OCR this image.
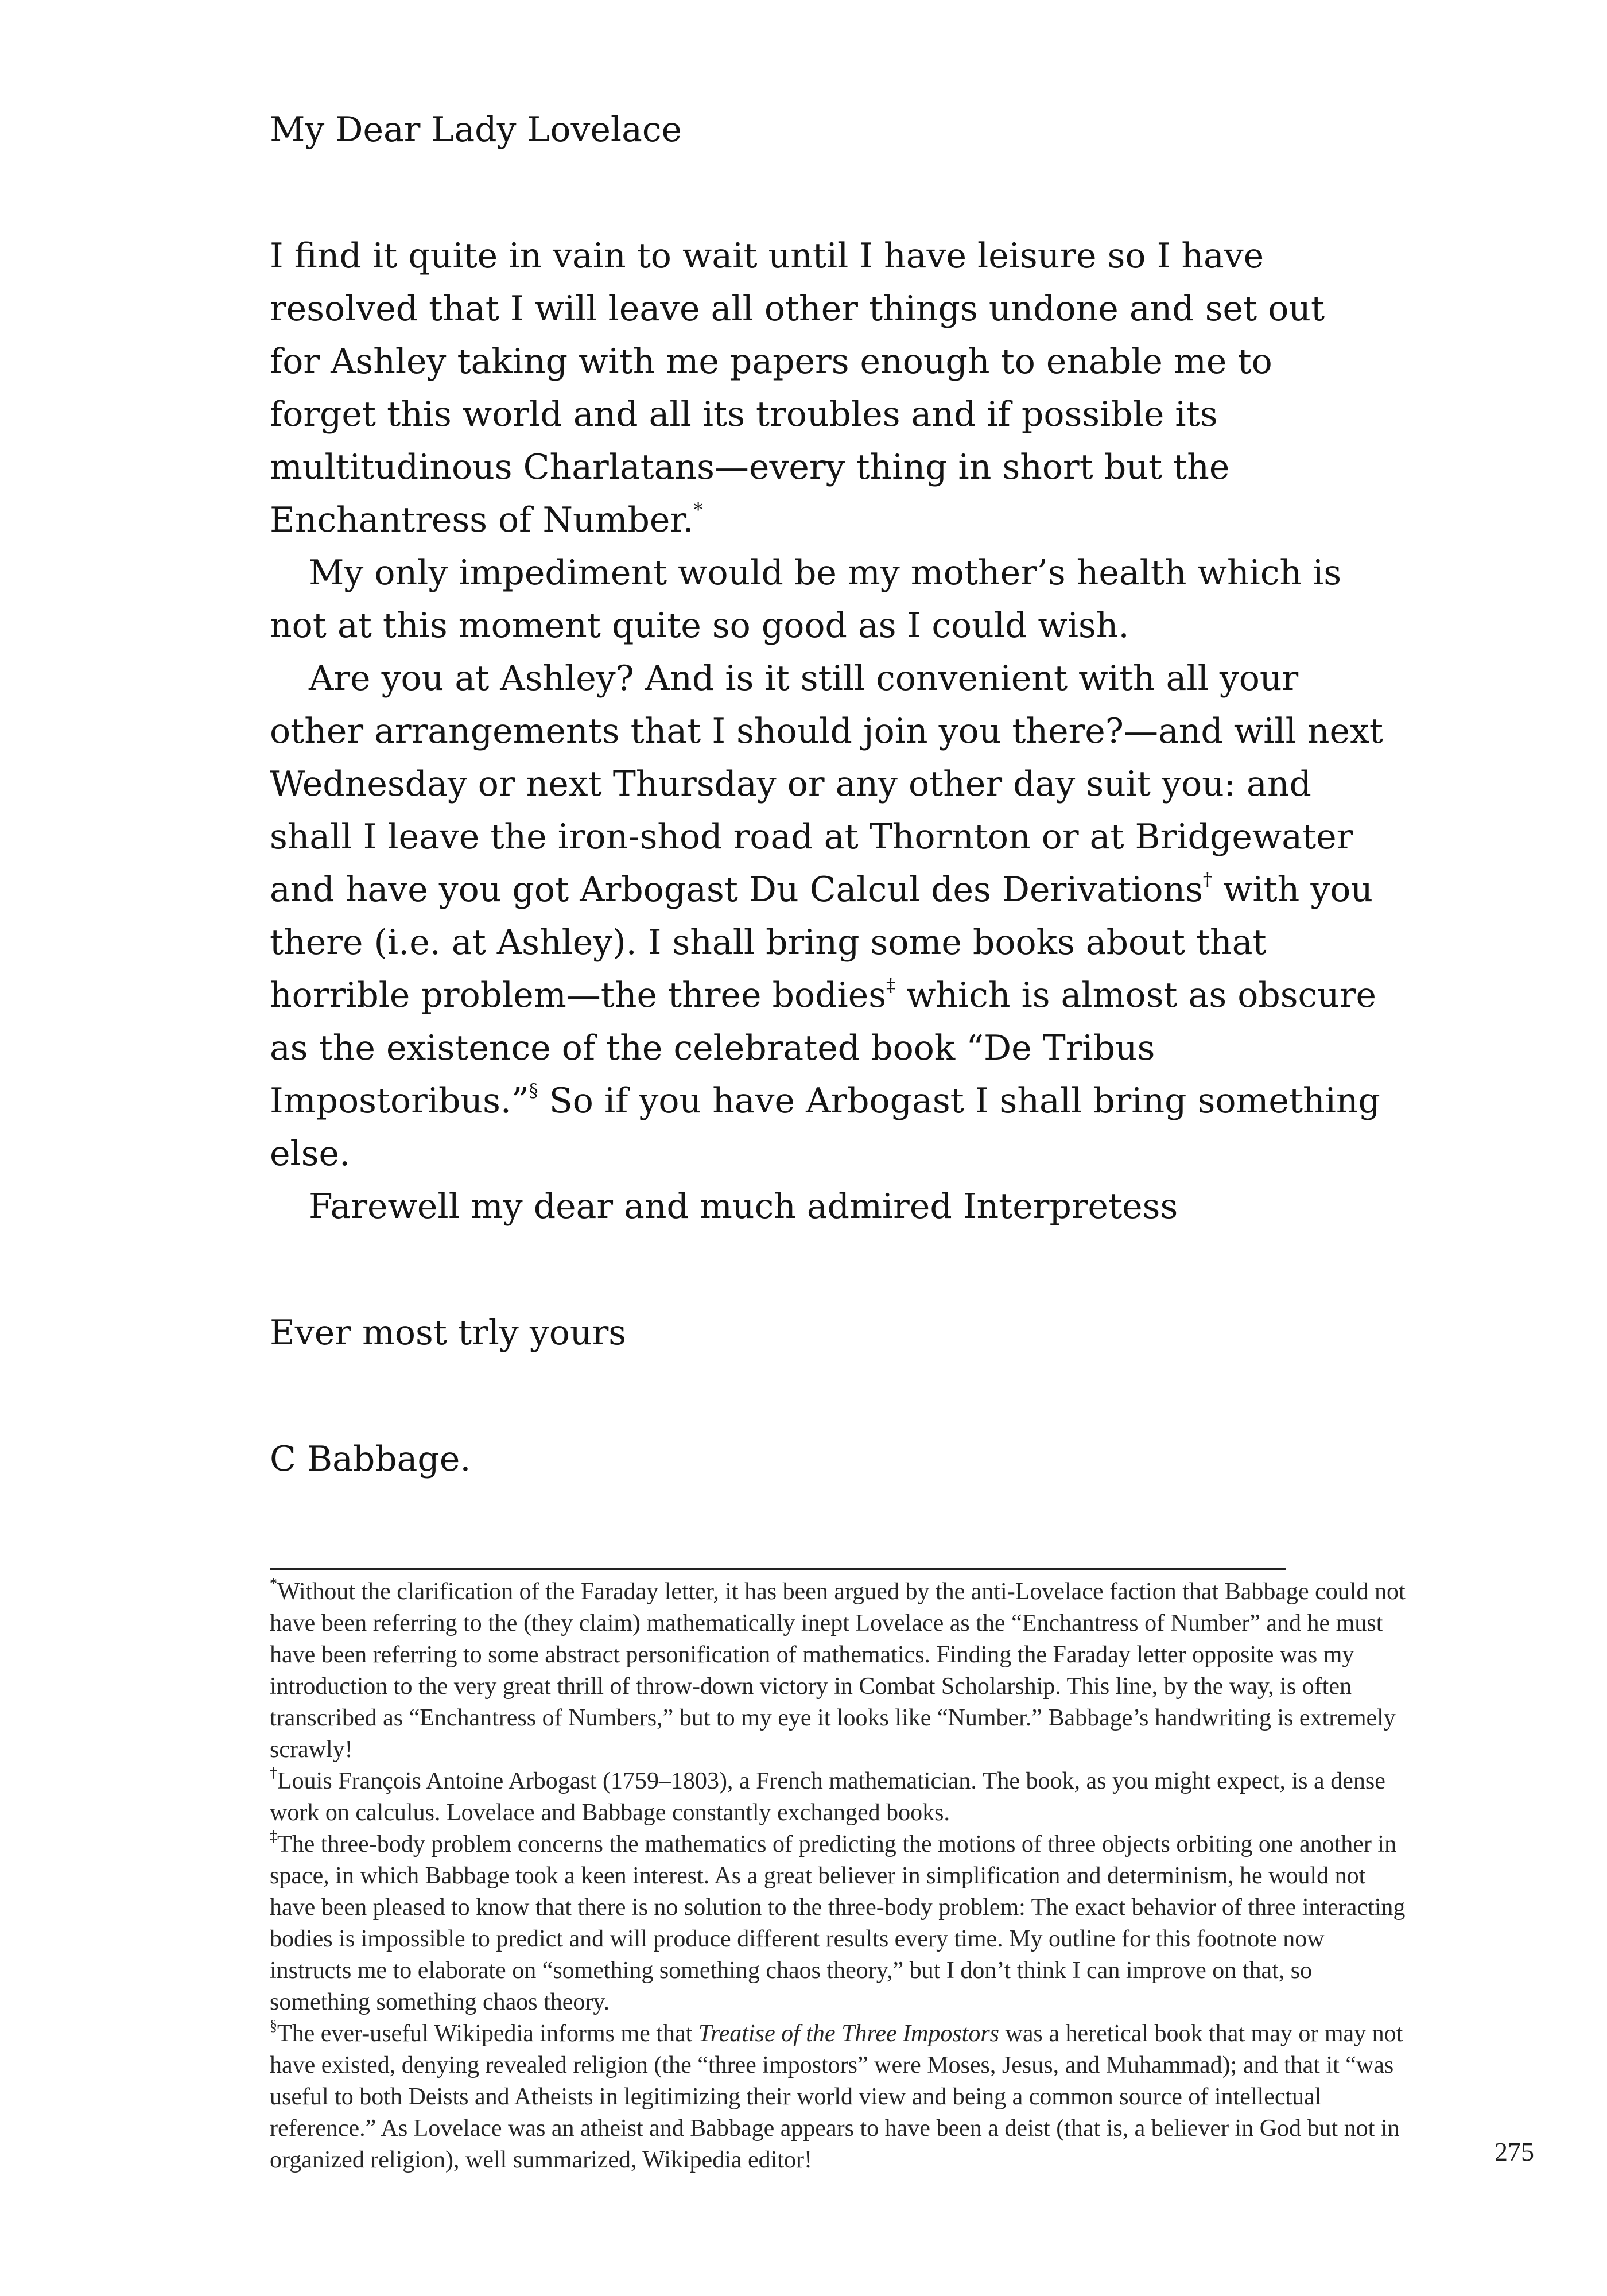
My Dear Lady Lovelace

I find it quite in vain to wait until I have leisure so I have resolved that I will leave all other things undone and set out for Ashley taking with me papers enough to enable me to forget this world and all its troubles and if possible its multitudinous Charlatans—every thing in short but the Enchantress of Number.*

My only impediment would be my mother’s health which is not at this moment quite so good as I could wish.

Are you at Ashley? And is it still convenient with all your other arrangements that I should join you there?—and will next Wednesday or next Thursday or any other day suit you: and shall I leave the iron-shod road at Thornton or at Bridgewater and have you got Arbogast Du Calcul des Derivations† with you there (i.e. at Ashley). I shall bring some books about that horrible problem—the three bodies‡ which is almost as obscure as the existence of the celebrated book “De Tribus Impostoribus.”§ So if you have Arbogast I shall bring something else.

Farewell my dear and much admired Interpretess

Ever most trly yours

C Babbage.

*Without the clarification of the Faraday letter, it has been argued by the anti-Lovelace faction that Babbage could not have been referring to the (they claim) mathematically inept Lovelace as the “Enchantress of Number” and he must have been referring to some abstract personification of mathematics. Finding the Faraday letter opposite was my introduction to the very great thrill of throw-down victory in Combat Scholarship. This line, by the way, is often transcribed as “Enchantress of Numbers,” but to my eye it looks like “Number.” Babbage’s handwriting is extremely scrawly!

†Louis François Antoine Arbogast (1759–1803), a French mathematician. The book, as you might expect, is a dense work on calculus. Lovelace and Babbage constantly exchanged books.

‡The three-body problem concerns the mathematics of predicting the motions of three objects orbiting one another in space, in which Babbage took a keen interest. As a great believer in simplification and determinism, he would not have been pleased to know that there is no solution to the three-body problem: The exact behavior of three interacting bodies is impossible to predict and will produce different results every time. My outline for this footnote now instructs me to elaborate on “something something chaos theory,” but I don’t think I can improve on that, so something something chaos theory.

§The ever-useful Wikipedia informs me that Treatise of the Three Impostors was a heretical book that may or may not have existed, denying revealed religion (the “three impostors” were Moses, Jesus, and Muhammad); and that it “was useful to both Deists and Atheists in legitimizing their world view and being a common source of intellectual reference.” As Lovelace was an atheist and Babbage appears to have been a deist (that is, a believer in God but not in organized religion), well summarized, Wikipedia editor!	275
